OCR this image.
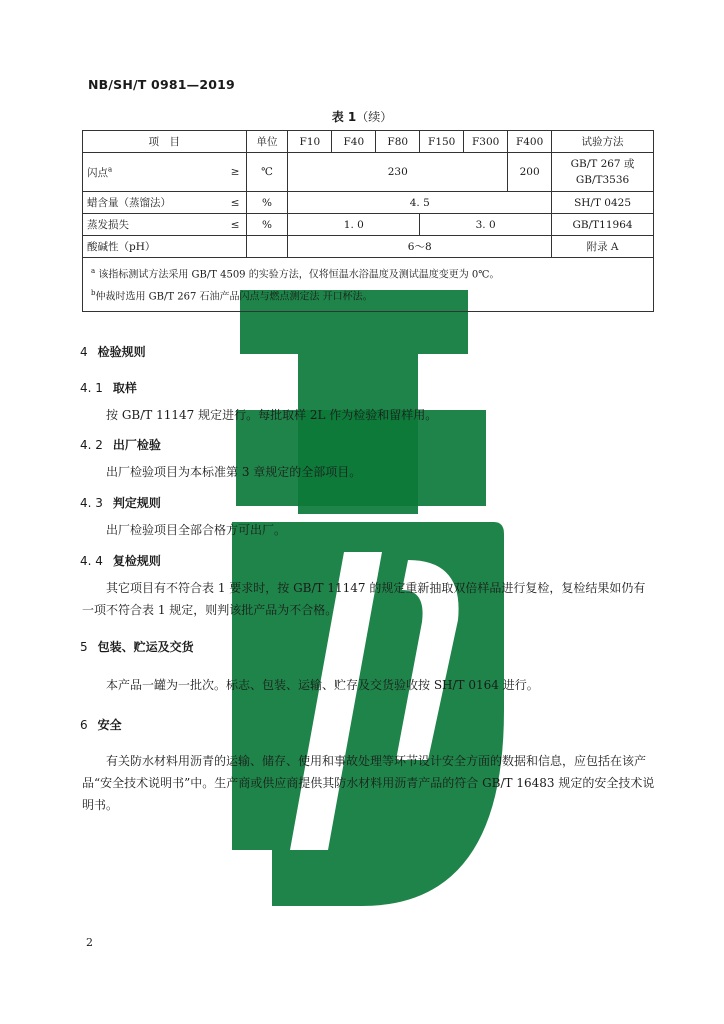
NB/SH/T 0981—2019
表 1（续）
项　目	单位	F10	F40	F80	F150	F300	F400	试验方法
闪点$^a$ ≥	℃	230					200	GB/T 267 或 GB/T3536
蜡含量（蒸馏法） ≤	%	4. 5						SH/T 0425
蒸发损失 ≤	%	1. 0			3. 0			GB/T11964
酸碱性（pH）		6～8						附录 A

$^a$ 该指标测试方法采用 GB/T 4509 的实验方法，仅将恒温水浴温度及测试温度变更为 0℃。
$^b$仲裁时选用 GB/T 267 石油产品闪点与燃点测定法 开口杯法。								
4 检验规则
4. 1 取样
按 GB/T 11147 规定进行。每批取样 2L 作为检验和留样用。
4. 2 出厂检验
出厂检验项目为本标准第 3 章规定的全部项目。
4. 3 判定规则
出厂检验项目全部合格方可出厂。
4. 4 复检规则
其它项目有不符合表 1 要求时，按 GB/T 11147 的规定重新抽取双倍样品进行复检，复检结果如仍有一项不符合表 1 规定，则判该批产品为不合格。
5 包装、贮运及交货
本产品一罐为一批次。标志、包装、运输、贮存及交货验收按 SH/T 0164 进行。
6 安全
有关防水材料用沥青的运输、储存、使用和事故处理等环节设计安全方面的数据和信息，应包括在该产品“安全技术说明书”中。生产商或供应商提供其防水材料用沥青产品的符合 GB/T 16483 规定的安全技术说明书。
2
